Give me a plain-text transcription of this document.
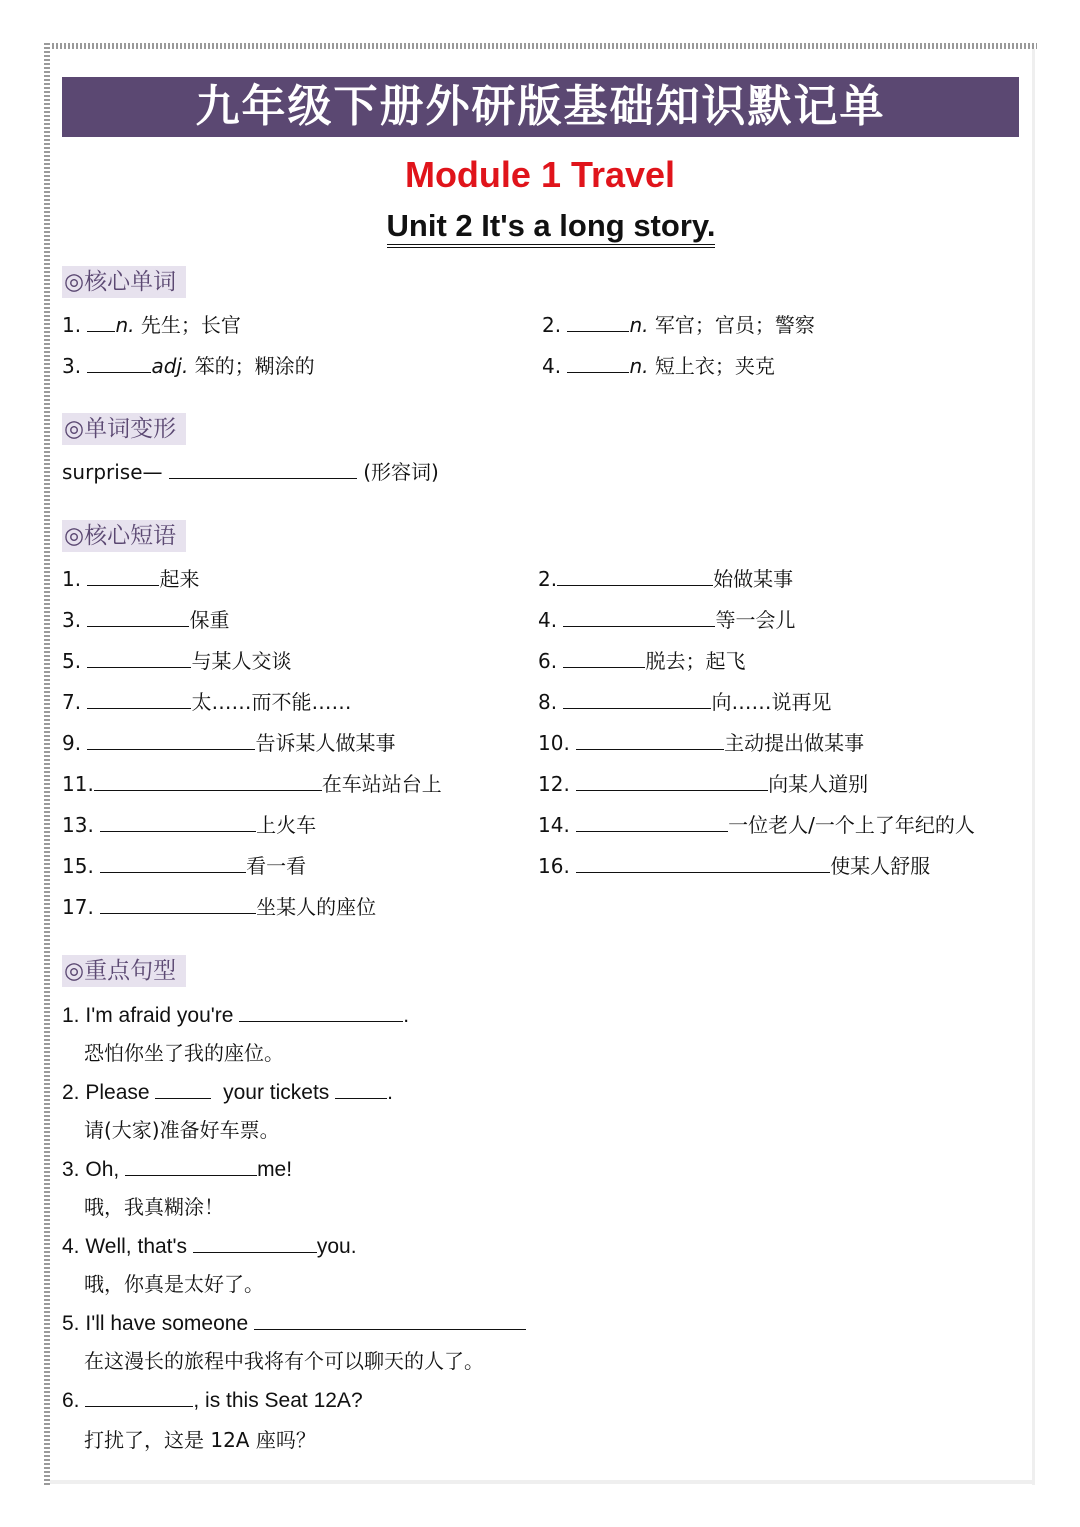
九年级下册外研版基础知识默记单
Module 1 Travel
Unit 2 It's a long story.
◎核心单词
1. n. 先生；长官	2.	n. 军官；官员；警察
3.	adj. 笨的；糊涂的	4.	n. 短上衣；夹克
◎单词变形
surprise—	(形容词)
◎核心短语
1.	起来	2.	始做某事
3.	保重	4.	等一会儿
5.	与某人交谈	6.	脱去；起飞
7.	太……而不能……	8.	向……说再见
9.	告诉某人做某事	10.	主动提出做某事
11.	在车站站台上	12.	向某人道别
13.	上火车	14.	一位老人/一个上了年纪的人
15.	看一看	16.	使某人舒服
17.	坐某人的座位
◎重点句型
1. I'm afraid you're	.
恐怕你坐了我的座位。
2. Please	your tickets	.
请(大家)准备好车票。
3. Oh,	me!
哦，我真糊涂！
4. Well, that's	you.
哦，你真是太好了。
5. I'll have someone
在这漫长的旅程中我将有个可以聊天的人了。
6.	, is this Seat 12A?
打扰了，这是 12A 座吗？
